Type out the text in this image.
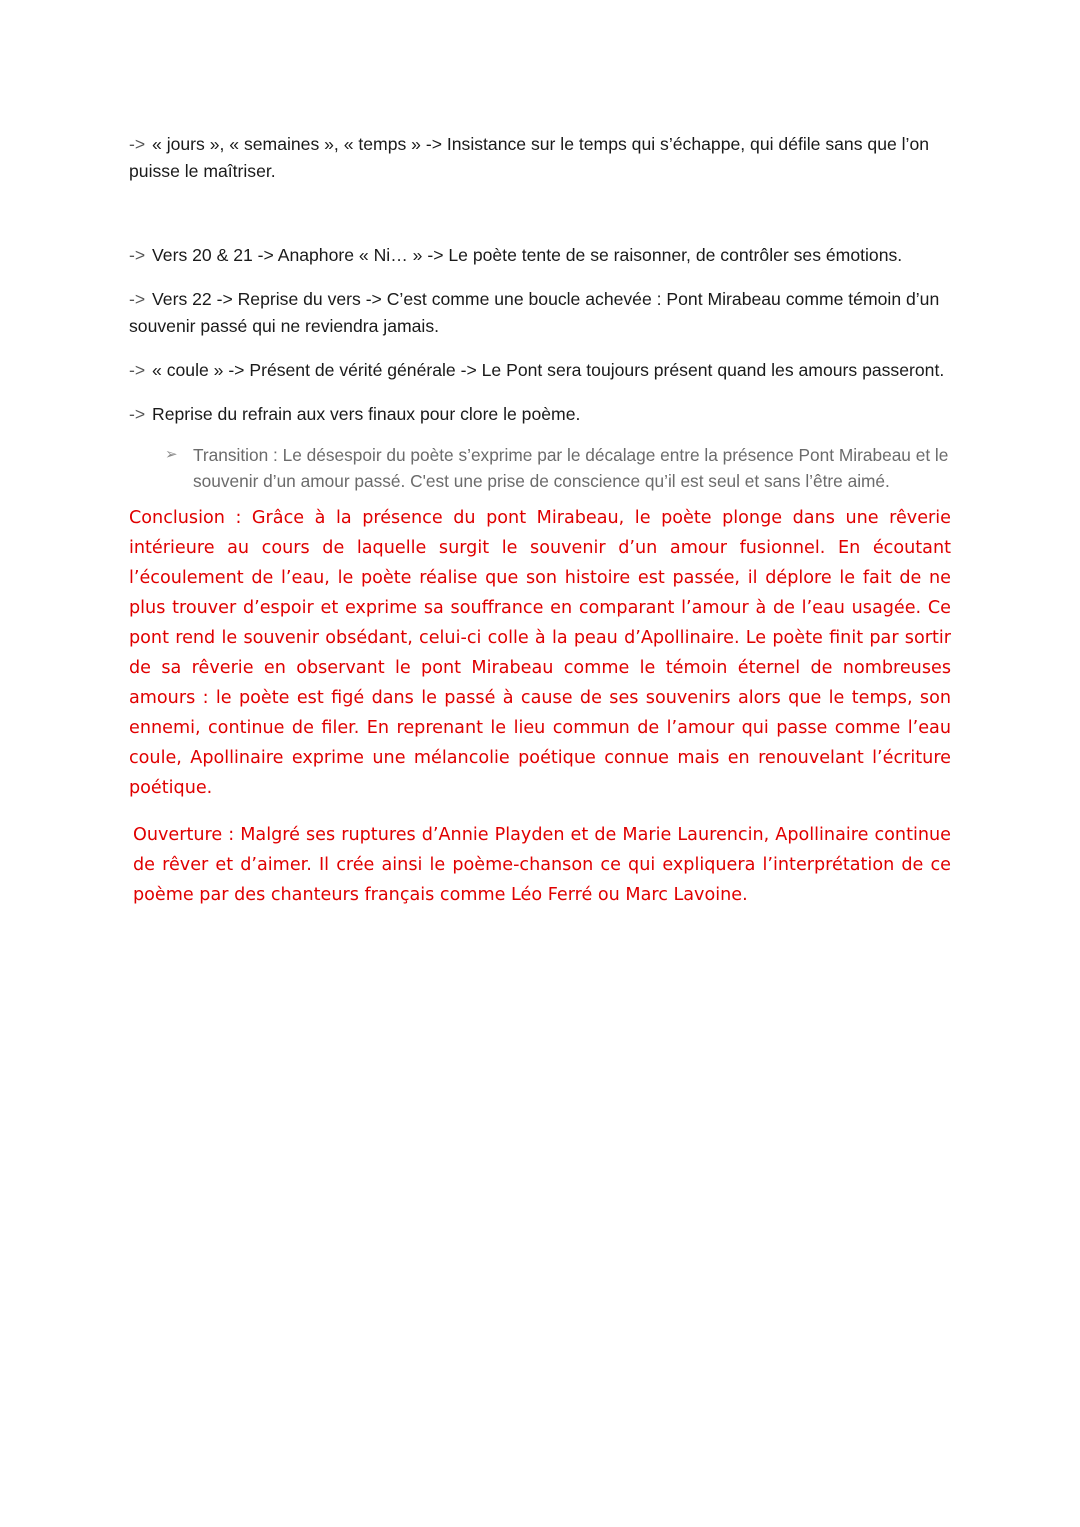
-> « jours », « semaines », « temps » -> Insistance sur le temps qui s’échappe, qui défile sans que l’on puisse le maîtriser.

-> Vers 20 & 21 -> Anaphore « Ni… » -> Le poète tente de se raisonner, de contrôler ses émotions.

-> Vers 22 -> Reprise du vers -> C’est comme une boucle achevée : Pont Mirabeau comme témoin d’un souvenir passé qui ne reviendra jamais.

-> « coule » -> Présent de vérité générale -> Le Pont sera toujours présent quand les amours passeront.

-> Reprise du refrain aux vers finaux pour clore le poème.

➢ Transition : Le désespoir du poète s’exprime par le décalage entre la présence Pont Mirabeau et le souvenir d’un amour passé. C'est une prise de conscience qu’il est seul et sans l’être aimé.

Conclusion : Grâce à la présence du pont Mirabeau, le poète plonge dans une rêverie intérieure au cours de laquelle surgit le souvenir d’un amour fusionnel. En écoutant l’écoulement de l’eau, le poète réalise que son histoire est passée, il déplore le fait de ne plus trouver d’espoir et exprime sa souffrance en comparant l’amour à de l’eau usagée. Ce pont rend le souvenir obsédant, celui-ci colle à la peau d’Apollinaire. Le poète finit par sortir de sa rêverie en observant le pont Mirabeau comme le témoin éternel de nombreuses amours : le poète est figé dans le passé à cause de ses souvenirs alors que le temps, son ennemi, continue de filer. En reprenant le lieu commun de l’amour qui passe comme l’eau coule, Apollinaire exprime une mélancolie poétique connue mais en renouvelant l’écriture poétique.

Ouverture : Malgré ses ruptures d’Annie Playden et de Marie Laurencin, Apollinaire continue de rêver et d’aimer. Il crée ainsi le poème-chanson ce qui expliquera l’interprétation de ce poème par des chanteurs français comme Léo Ferré ou Marc Lavoine.
